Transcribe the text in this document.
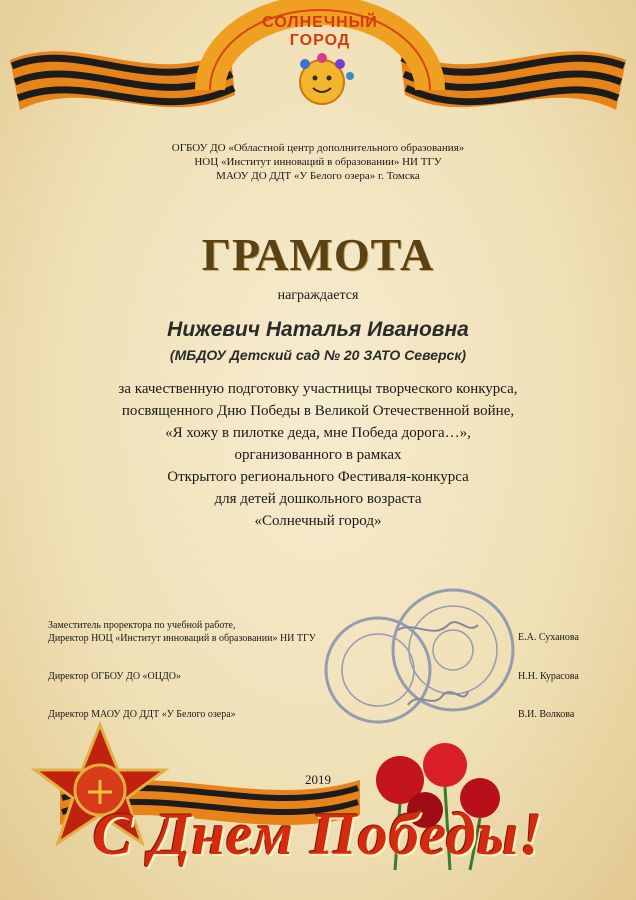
СОЛНЕЧНЫЙ ГОРОД
ОГБОУ ДО «Областной центр дополнительного образования»
НОЦ «Институт инноваций в образовании» НИ ТГУ
МАОУ ДО ДДТ «У Белого озера» г. Томска
ГРАМОТА
награждается
Нижевич Наталья Ивановна
(МБДОУ Детский сад № 20 ЗАТО Северск)
за качественную подготовку участницы творческого конкурса,
посвященного Дню Победы в Великой Отечественной войне,
«Я хожу в пилотке деда, мне Победа дорога…»,
организованного в рамках
Открытого регионального Фестиваля-конкурса
для детей дошкольного возраста
«Солнечный город»
Заместитель проректора по учебной работе,
Директор НОЦ «Институт инноваций в образовании» НИ ТГУ	Е.А. Суханова
Директор ОГБОУ ДО «ОЦДО»	Н.Н. Курасова
Директор МАОУ ДО ДДТ «У Белого озера»	В.И. Волкова
2019
С Днем Победы!
